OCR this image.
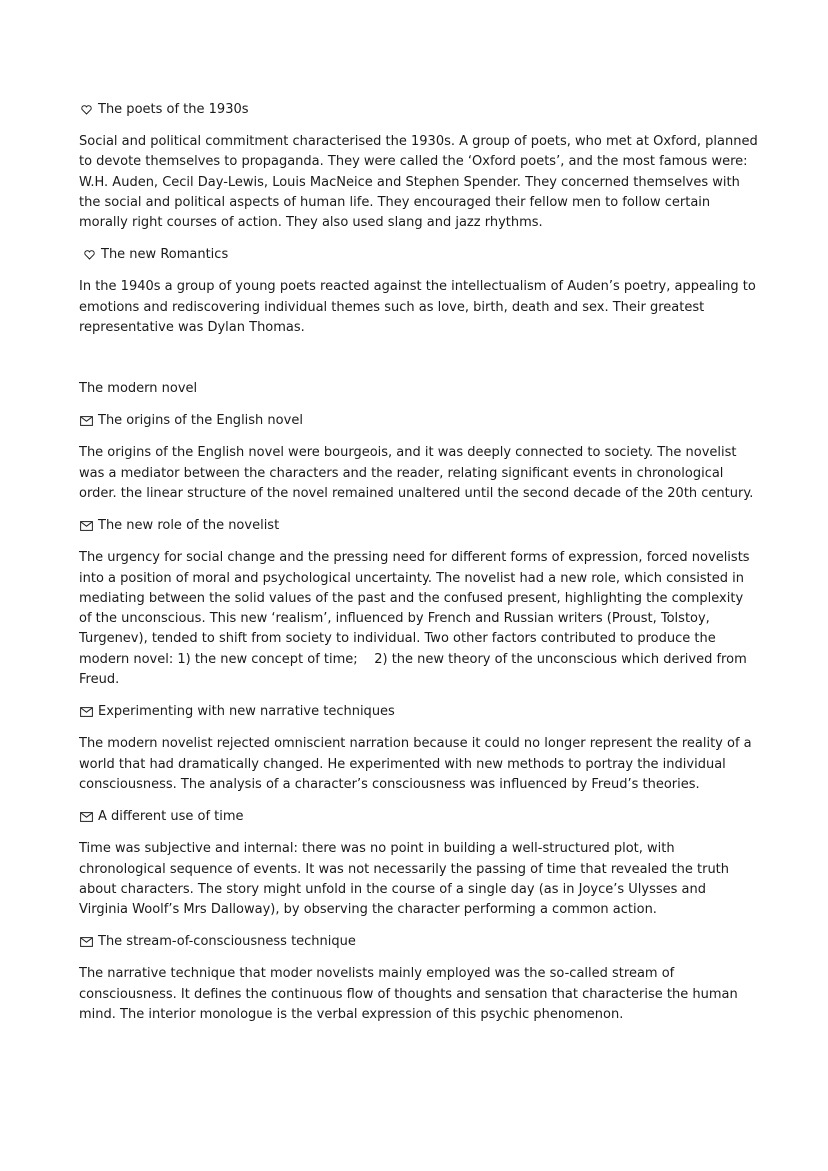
The poets of the 1930s

Social and political commitment characterised the 1930s. A group of poets, who met at Oxford, planned to devote themselves to propaganda. They were called the ‘Oxford poets’, and the most famous were: W.H. Auden, Cecil Day-Lewis, Louis MacNeice and Stephen Spender. They concerned themselves with the social and political aspects of human life. They encouraged their fellow men to follow certain morally right courses of action. They also used slang and jazz rhythms.

The new Romantics

In the 1940s a group of young poets reacted against the intellectualism of Auden’s poetry, appealing to emotions and rediscovering individual themes such as love, birth, death and sex. Their greatest representative was Dylan Thomas.

The modern novel
The origins of the English novel

The origins of the English novel were bourgeois, and it was deeply connected to society. The novelist was a mediator between the characters and the reader, relating significant events in chronological order. the linear structure of the novel remained unaltered until the second decade of the 20th century.

The new role of the novelist

The urgency for social change and the pressing need for different forms of expression, forced novelists into a position of moral and psychological uncertainty. The novelist had a new role, which consisted in mediating between the solid values of the past and the confused present, highlighting the complexity of the unconscious. This new ‘realism’, influenced by French and Russian writers (Proust, Tolstoy, Turgenev), tended to shift from society to individual. Two other factors contributed to produce the modern novel: 1) the new concept of time;    2) the new theory of the unconscious which derived from Freud.

Experimenting with new narrative techniques

The modern novelist rejected omniscient narration because it could no longer represent the reality of a world that had dramatically changed. He experimented with new methods to portray the individual consciousness. The analysis of a character’s consciousness was influenced by Freud’s theories.

A different use of time

Time was subjective and internal: there was no point in building a well-structured plot, with chronological sequence of events. It was not necessarily the passing of time that revealed the truth about characters. The story might unfold in the course of a single day (as in Joyce’s Ulysses and Virginia Woolf’s Mrs Dalloway), by observing the character performing a common action.

The stream-of-consciousness technique

The narrative technique that moder novelists mainly employed was the so-called stream of consciousness. It defines the continuous flow of thoughts and sensation that characterise the human mind. The interior monologue is the verbal expression of this psychic phenomenon.
